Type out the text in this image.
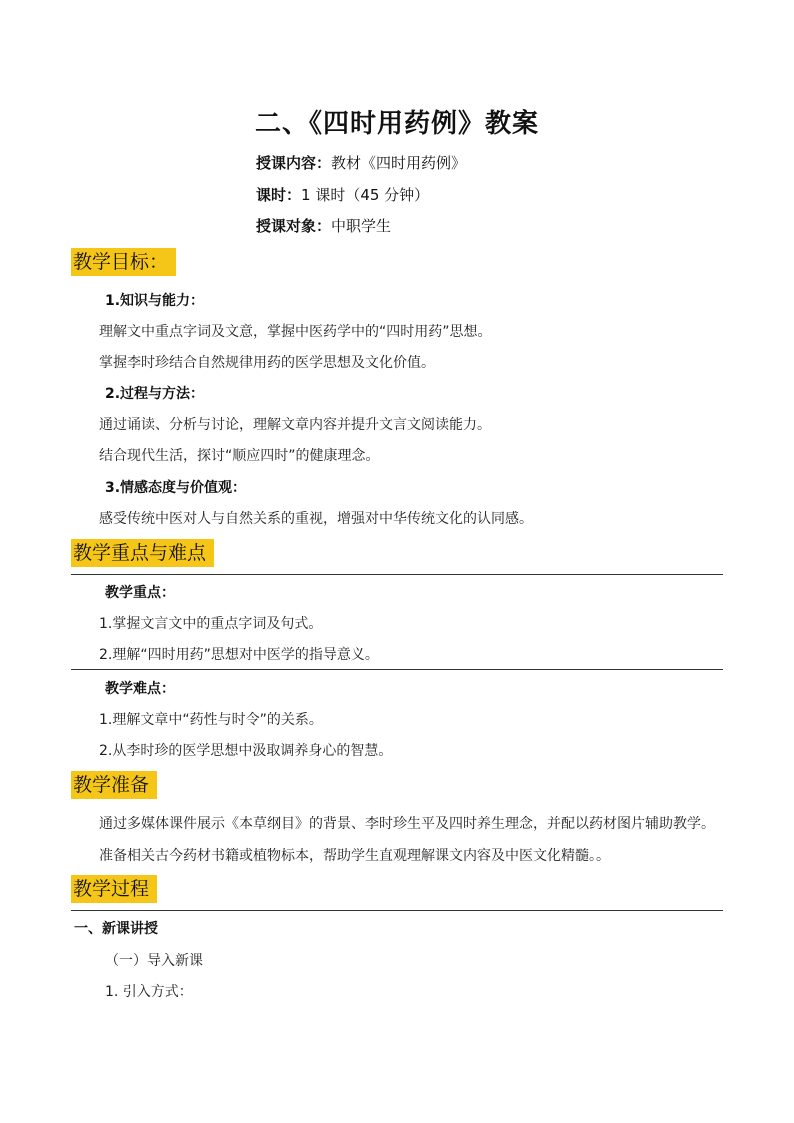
二、《四时用药例》教案
授课内容：教材《四时用药例》
课时：1 课时（45 分钟）
授课对象：中职学生
教学目标：
1.知识与能力：
理解文中重点字词及文意，掌握中医药学中的“四时用药”思想。
掌握李时珍结合自然规律用药的医学思想及文化价值。
2.过程与方法：
通过诵读、分析与讨论，理解文章内容并提升文言文阅读能力。
结合现代生活，探讨“顺应四时”的健康理念。
3.情感态度与价值观：
感受传统中医对人与自然关系的重视，增强对中华传统文化的认同感。
教学重点与难点
教学重点：
1.掌握文言文中的重点字词及句式。
2.理解“四时用药”思想对中医学的指导意义。
教学难点：
1.理解文章中“药性与时令”的关系。
2.从李时珍的医学思想中汲取调养身心的智慧。
教学准备
通过多媒体课件展示《本草纲目》的背景、李时珍生平及四时养生理念，并配以药材图片辅助教学。
准备相关古今药材书籍或植物标本，帮助学生直观理解课文内容及中医文化精髓。。
教学过程
一、新课讲授
（一）导入新课
1. 引入方式：
